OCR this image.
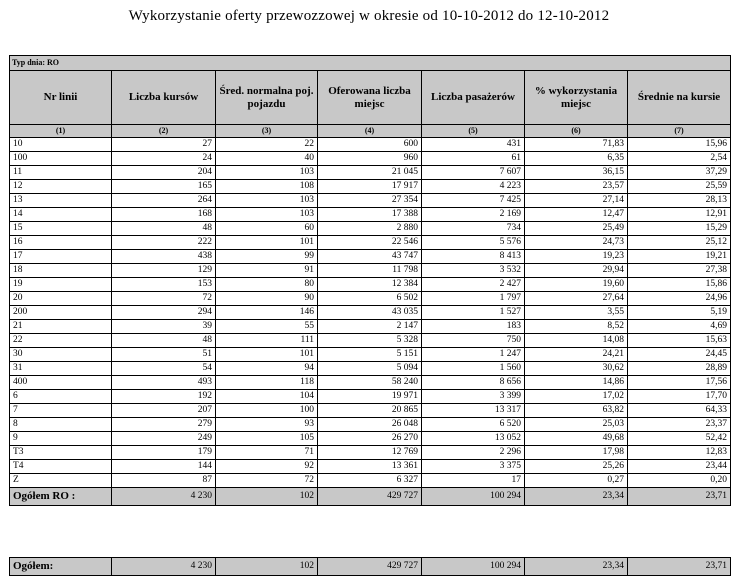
Wykorzystanie oferty przewozzowej w okresie od 10-10-2012 do 12-10-2012
Typ dnia: RO						
Nr linii	Liczba kursów	Śred. normalna poj. pojazdu	Oferowana liczba miejsc	Liczba pasażerów	% wykorzystania miejsc	Średnie na kursie
(1)	(2)	(3)	(4)	(5)	(6)	(7)
10	27	22	600	431	71,83	15,96
100	24	40	960	61	6,35	2,54
11	204	103	21 045	7 607	36,15	37,29
12	165	108	17 917	4 223	23,57	25,59
13	264	103	27 354	7 425	27,14	28,13
14	168	103	17 388	2 169	12,47	12,91
15	48	60	2 880	734	25,49	15,29
16	222	101	22 546	5 576	24,73	25,12
17	438	99	43 747	8 413	19,23	19,21
18	129	91	11 798	3 532	29,94	27,38
19	153	80	12 384	2 427	19,60	15,86
20	72	90	6 502	1 797	27,64	24,96
200	294	146	43 035	1 527	3,55	5,19
21	39	55	2 147	183	8,52	4,69
22	48	111	5 328	750	14,08	15,63
30	51	101	5 151	1 247	24,21	24,45
31	54	94	5 094	1 560	30,62	28,89
400	493	118	58 240	8 656	14,86	17,56
6	192	104	19 971	3 399	17,02	17,70
7	207	100	20 865	13 317	63,82	64,33
8	279	93	26 048	6 520	25,03	23,37
9	249	105	26 270	13 052	49,68	52,42
T3	179	71	12 769	2 296	17,98	12,83
T4	144	92	13 361	3 375	25,26	23,44
Z	87	72	6 327	17	0,27	0,20
Ogółem RO :	4 230	102	429 727	100 294	23,34	23,71
Ogółem:	4 230	102	429 727	100 294	23,34	23,71
